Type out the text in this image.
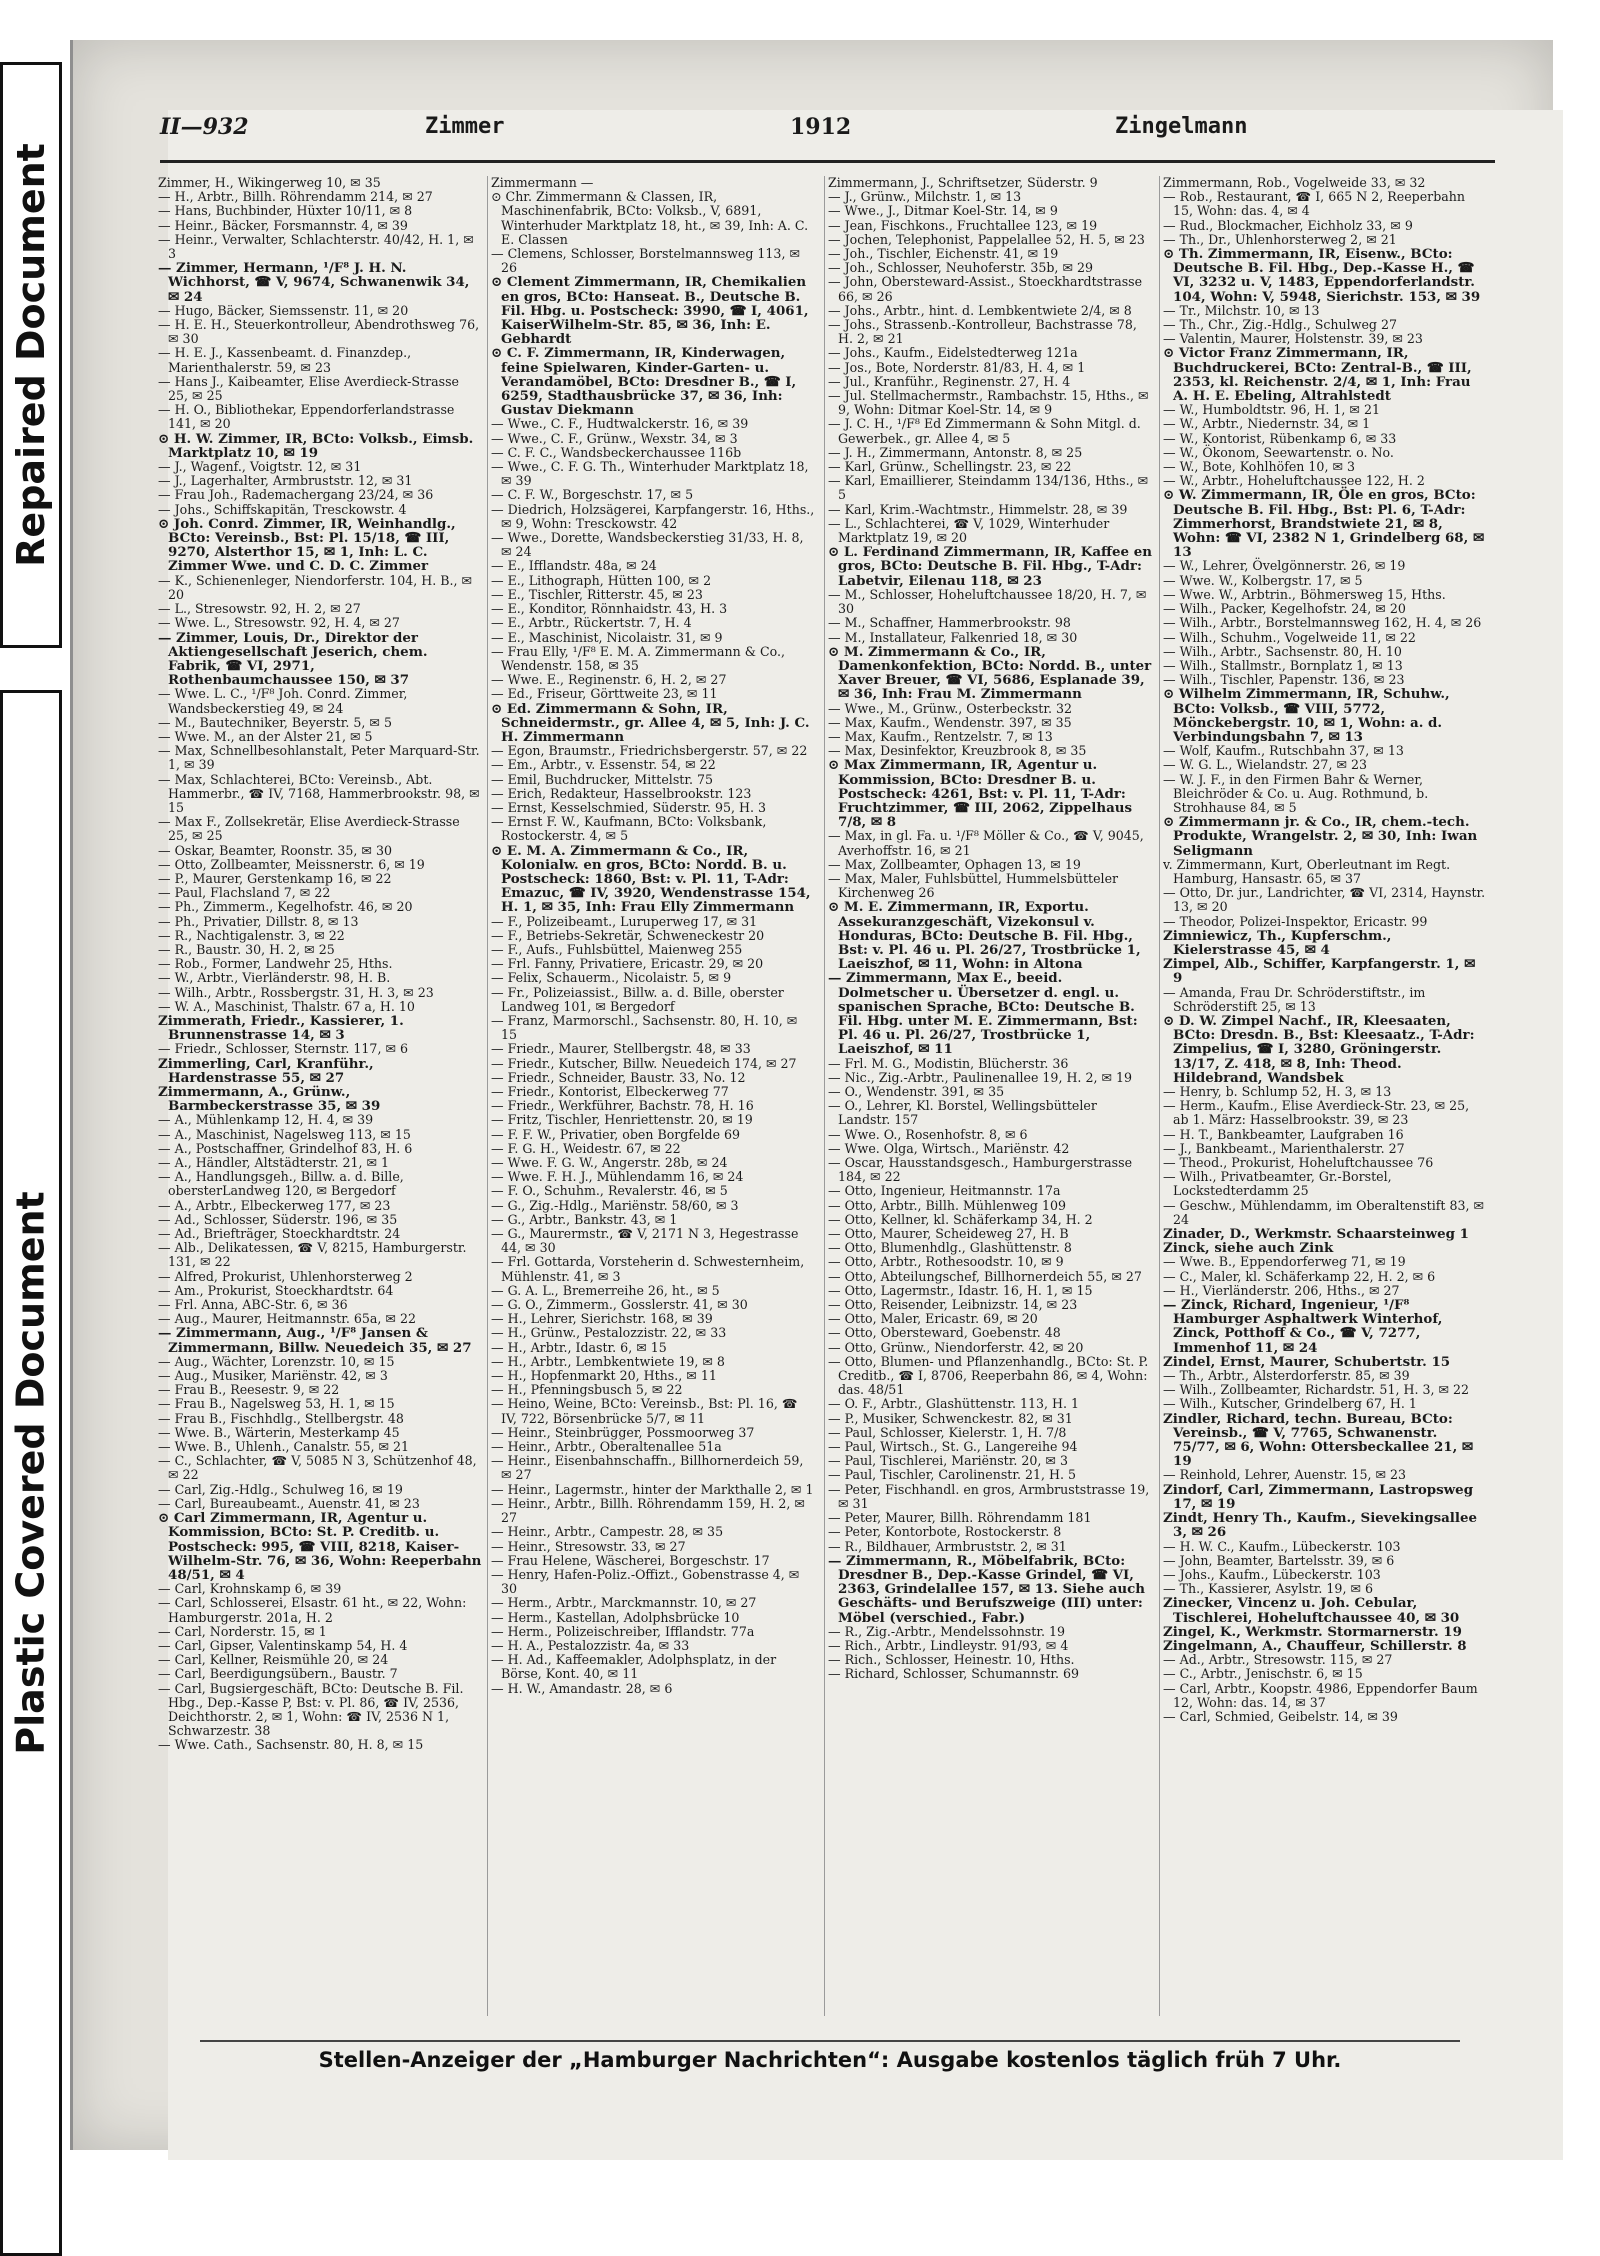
Repaired Document
Plastic Covered Document
II—932	Zimmer	1912	Zingelmann

Zimmer, H., Wikingerweg 10, ✉ 35

— H., Arbtr., Billh. Röhrendamm 214, ✉ 27

— Hans, Buchbinder, Hüxter 10/11, ✉ 8

— Heinr., Bäcker, Forsmannstr. 4, ✉ 39

— Heinr., Verwalter, Schlachterstr. 40/42, H. 1, ✉ 3

— Zimmer, Hermann, ¹/F⁸ J. H. N. Wichhorst, ☎ V, 9674, Schwanenwik 34, ✉ 24

— Hugo, Bäcker, Siemssenstr. 11, ✉ 20

— H. E. H., Steuerkontrolleur, Abendrothsweg 76, ✉ 30

— H. E. J., Kassenbeamt. d. Finanzdep., Marienthalerstr. 59, ✉ 23

— Hans J., Kaibeamter, Elise Averdieck-Strasse 25, ✉ 25

— H. O., Bibliothekar, Eppendorferlandstrasse 141, ✉ 20

⊙ H. W. Zimmer, IR, BCto: Volksb., Eimsb. Marktplatz 10, ✉ 19

— J., Wagenf., Voigtstr. 12, ✉ 31

— J., Lagerhalter, Armbruststr. 12, ✉ 31

— Frau Joh., Rademachergang 23/24, ✉ 36

— Johs., Schiffskapitän, Tresckowstr. 4

⊙ Joh. Conrd. Zimmer, IR, Weinhandlg., BCto: Vereinsb., Bst: Pl. 15/18, ☎ III, 9270, Alsterthor 15, ✉ 1, Inh: L. C. Zimmer Wwe. und C. D. C. Zimmer

— K., Schienenleger, Niendorferstr. 104, H. B., ✉ 20

— L., Stresowstr. 92, H. 2, ✉ 27

— Wwe. L., Stresowstr. 92, H. 4, ✉ 27

— Zimmer, Louis, Dr., Direktor der Aktiengesellschaft Jeserich, chem. Fabrik, ☎ VI, 2971, Rothenbaumchaussee 150, ✉ 37

— Wwe. L. C., ¹/F⁸ Joh. Conrd. Zimmer, Wandsbeckerstieg 49, ✉ 24

— M., Bautechniker, Beyerstr. 5, ✉ 5

— Wwe. M., an der Alster 21, ✉ 5

— Max, Schnellbesohlanstalt, Peter Marquard-Str. 1, ✉ 39

— Max, Schlachterei, BCto: Vereinsb., Abt. Hammerbr., ☎ IV, 7168, Hammerbrookstr. 98, ✉ 15

— Max F., Zollsekretär, Elise Averdieck-Strasse 25, ✉ 25

— Oskar, Beamter, Roonstr. 35, ✉ 30

— Otto, Zollbeamter, Meissnerstr. 6, ✉ 19

— P., Maurer, Gerstenkamp 16, ✉ 22

— Paul, Flachsland 7, ✉ 22

— Ph., Zimmerm., Kegelhofstr. 46, ✉ 20

— Ph., Privatier, Dillstr. 8, ✉ 13

— R., Nachtigalenstr. 3, ✉ 22

— R., Baustr. 30, H. 2, ✉ 25

— Rob., Former, Landwehr 25, Hths.

— W., Arbtr., Vierländerstr. 98, H. B.

— Wilh., Arbtr., Rossbergstr. 31, H. 3, ✉ 23

— W. A., Maschinist, Thalstr. 67 a, H. 10

Zimmerath, Friedr., Kassierer, 1. Brunnenstrasse 14, ✉ 3

— Friedr., Schlosser, Sternstr. 117, ✉ 6

Zimmerling, Carl, Kranführ., Hardenstrasse 55, ✉ 27

Zimmermann, A., Grünw., Barmbeckerstrasse 35, ✉ 39

— A., Mühlenkamp 12, H. 4, ✉ 39

— A., Maschinist, Nagelsweg 113, ✉ 15

— A., Postschaffner, Grindelhof 83, H. 6

— A., Händler, Altstädterstr. 21, ✉ 1

— A., Handlungsgeh., Billw. a. d. Bille, obersterLandweg 120, ✉ Bergedorf

— A., Arbtr., Elbeckerweg 177, ✉ 23

— Ad., Schlosser, Süderstr. 196, ✉ 35

— Ad., Briefträger, Stoeckhardtstr. 24

— Alb., Delikatessen, ☎ V, 8215, Hamburgerstr. 131, ✉ 22

— Alfred, Prokurist, Uhlenhorsterweg 2

— Am., Prokurist, Stoeckhardtstr. 64

— Frl. Anna, ABC-Str. 6, ✉ 36

— Aug., Maurer, Heitmannstr. 65a, ✉ 22

— Zimmermann, Aug., ¹/F⁸ Jansen & Zimmermann, Billw. Neuedeich 35, ✉ 27

— Aug., Wächter, Lorenzstr. 10, ✉ 15

— Aug., Musiker, Mariënstr. 42, ✉ 3

— Frau B., Reesestr. 9, ✉ 22

— Frau B., Nagelsweg 53, H. 1, ✉ 15

— Frau B., Fischhdlg., Stellbergstr. 48

— Wwe. B., Wärterin, Mesterkamp 45

— Wwe. B., Uhlenh., Canalstr. 55, ✉ 21

— C., Schlachter, ☎ V, 5085 N 3, Schützenhof 48, ✉ 22

— Carl, Zig.-Hdlg., Schulweg 16, ✉ 19

— Carl, Bureaubeamt., Auenstr. 41, ✉ 23

⊙ Carl Zimmermann, IR, Agentur u. Kommission, BCto: St. P. Creditb. u. Postscheck: 995, ☎ VIII, 8218, Kaiser-Wilhelm-Str. 76, ✉ 36, Wohn: Reeperbahn 48/51, ✉ 4

— Carl, Krohnskamp 6, ✉ 39

— Carl, Schlosserei, Elsastr. 61 ht., ✉ 22, Wohn: Hamburgerstr. 201a, H. 2

— Carl, Norderstr. 15, ✉ 1

— Carl, Gipser, Valentinskamp 54, H. 4

— Carl, Kellner, Reismühle 20, ✉ 24

— Carl, Beerdigungsübern., Baustr. 7

— Carl, Bugsiergeschäft, BCto: Deutsche B. Fil. Hbg., Dep.-Kasse P, Bst: v. Pl. 86, ☎ IV, 2536, Deichthorstr. 2, ✉ 1, Wohn: ☎ IV, 2536 N 1, Schwarzestr. 38

— Wwe. Cath., Sachsenstr. 80, H. 8, ✉ 15

Zimmermann —

⊙ Chr. Zimmermann & Classen, IR, Maschinenfabrik, BCto: Volksb., V, 6891, Winterhuder Marktplatz 18, ht., ✉ 39, Inh: A. C. E. Classen

— Clemens, Schlosser, Borstelmannsweg 113, ✉ 26

⊙ Clement Zimmermann, IR, Chemikalien en gros, BCto: Hanseat. B., Deutsche B. Fil. Hbg. u. Postscheck: 3990, ☎ I, 4061, KaiserWilhelm-Str. 85, ✉ 36, Inh: E. Gebhardt

⊙ C. F. Zimmermann, IR, Kinderwagen, feine Spielwaren, Kinder-Garten- u. Verandamöbel, BCto: Dresdner B., ☎ I, 6259, Stadthausbrücke 37, ✉ 36, Inh: Gustav Diekmann

— Wwe., C. F., Hudtwalckerstr. 16, ✉ 39

— Wwe., C. F., Grünw., Wexstr. 34, ✉ 3

— C. F. C., Wandsbeckerchaussee 116b

— Wwe., C. F. G. Th., Winterhuder Marktplatz 18, ✉ 39

— C. F. W., Borgeschstr. 17, ✉ 5

— Diedrich, Holzsägerei, Karpfangerstr. 16, Hths., ✉ 9, Wohn: Tresckowstr. 42

— Wwe., Dorette, Wandsbeckerstieg 31/33, H. 8, ✉ 24

— E., Ifflandstr. 48a, ✉ 24

— E., Lithograph, Hütten 100, ✉ 2

— E., Tischler, Ritterstr. 45, ✉ 23

— E., Konditor, Rönnhaidstr. 43, H. 3

— E., Arbtr., Rückertstr. 7, H. 4

— E., Maschinist, Nicolaistr. 31, ✉ 9

— Frau Elly, ¹/F⁸ E. M. A. Zimmermann & Co., Wendenstr. 158, ✉ 35

— Wwe. E., Reginenstr. 6, H. 2, ✉ 27

— Ed., Friseur, Görttweite 23, ✉ 11

⊙ Ed. Zimmermann & Sohn, IR, Schneidermstr., gr. Allee 4, ✉ 5, Inh: J. C. H. Zimmermann

— Egon, Braumstr., Friedrichsbergerstr. 57, ✉ 22

— Em., Arbtr., v. Essenstr. 54, ✉ 22

— Emil, Buchdrucker, Mittelstr. 75

— Erich, Redakteur, Hasselbrookstr. 123

— Ernst, Kesselschmied, Süderstr. 95, H. 3

— Ernst F. W., Kaufmann, BCto: Volksbank, Rostockerstr. 4, ✉ 5

⊙ E. M. A. Zimmermann & Co., IR, Kolonialw. en gros, BCto: Nordd. B. u. Postscheck: 1860, Bst: v. Pl. 11, T-Adr: Emazuc, ☎ IV, 3920, Wendenstrasse 154, H. 1, ✉ 35, Inh: Frau Elly Zimmermann

— F., Polizeibeamt., Luruperweg 17, ✉ 31

— F., Betriebs-Sekretär, Schweneckestr 20

— F., Aufs., Fuhlsbüttel, Maienweg 255

— Frl. Fanny, Privatiere, Ericastr. 29, ✉ 20

— Felix, Schauerm., Nicolaistr. 5, ✉ 9

— Fr., Polizeiassist., Billw. a. d. Bille, oberster Landweg 101, ✉ Bergedorf

— Franz, Marmorschl., Sachsenstr. 80, H. 10, ✉ 15

— Friedr., Maurer, Stellbergstr. 48, ✉ 33

— Friedr., Kutscher, Billw. Neuedeich 174, ✉ 27

— Friedr., Schneider, Baustr. 33, No. 12

— Friedr., Kontorist, Elbeckerweg 77

— Friedr., Werkführer, Bachstr. 78, H. 16

— Fritz, Tischler, Henriettenstr. 20, ✉ 19

— F. F. W., Privatier, oben Borgfelde 69

— F. G. H., Weidestr. 67, ✉ 22

— Wwe. F. G. W., Angerstr. 28b, ✉ 24

— Wwe. F. H. J., Mühlendamm 16, ✉ 24

— F. O., Schuhm., Revalerstr. 46, ✉ 5

— G., Zig.-Hdlg., Mariënstr. 58/60, ✉ 3

— G., Arbtr., Bankstr. 43, ✉ 1

— G., Maurermstr., ☎ V, 2171 N 3, Hegestrasse 44, ✉ 30

— Frl. Gottarda, Vorsteherin d. Schwesternheim, Mühlenstr. 41, ✉ 3

— G. A. L., Bremerreihe 26, ht., ✉ 5

— G. O., Zimmerm., Gosslerstr. 41, ✉ 30

— H., Lehrer, Sierichstr. 168, ✉ 39

— H., Grünw., Pestalozzistr. 22, ✉ 33

— H., Arbtr., Idastr. 6, ✉ 15

— H., Arbtr., Lembkentwiete 19, ✉ 8

— H., Hopfenmarkt 20, Hths., ✉ 11

— H., Pfenningsbusch 5, ✉ 22

— Heino, Weine, BCto: Vereinsb., Bst: Pl. 16, ☎ IV, 722, Börsenbrücke 5/7, ✉ 11

— Heinr., Steinbrügger, Possmoorweg 37

— Heinr., Arbtr., Oberaltenallee 51a

— Heinr., Eisenbahnschaffn., Billhornerdeich 59, ✉ 27

— Heinr., Lagermstr., hinter der Markthalle 2, ✉ 1

— Heinr., Arbtr., Billh. Röhrendamm 159, H. 2, ✉ 27

— Heinr., Arbtr., Campestr. 28, ✉ 35

— Heinr., Stresowstr. 33, ✉ 27

— Frau Helene, Wäscherei, Borgeschstr. 17

— Henry, Hafen-Poliz.-Offizt., Gobenstrasse 4, ✉ 30

— Herm., Arbtr., Marckmannstr. 10, ✉ 27

— Herm., Kastellan, Adolphsbrücke 10

— Herm., Polizeischreiber, Ifflandstr. 77a

— H. A., Pestalozzistr. 4a, ✉ 33

— H. Ad., Kaffeemakler, Adolphsplatz, in der Börse, Kont. 40, ✉ 11

— H. W., Amandastr. 28, ✉ 6

Zimmermann, J., Schriftsetzer, Süderstr. 9

— J., Grünw., Milchstr. 1, ✉ 13

— Wwe., J., Ditmar Koel-Str. 14, ✉ 9

— Jean, Fischkons., Fruchtallee 123, ✉ 19

— Jochen, Telephonist, Pappelallee 52, H. 5, ✉ 23

— Joh., Tischler, Eichenstr. 41, ✉ 19

— Joh., Schlosser, Neuhoferstr. 35b, ✉ 29

— John, Obersteward-Assist., Stoeckhardtstrasse 66, ✉ 26

— Johs., Arbtr., hint. d. Lembkentwiete 2/4, ✉ 8

— Johs., Strassenb.-Kontrolleur, Bachstrasse 78, H. 2, ✉ 21

— Johs., Kaufm., Eidelstedterweg 121a

— Jos., Bote, Norderstr. 81/83, H. 4, ✉ 1

— Jul., Kranführ., Reginenstr. 27, H. 4

— Jul. Stellmachermstr., Rambachstr. 15, Hths., ✉ 9, Wohn: Ditmar Koel-Str. 14, ✉ 9

— J. C. H., ¹/F⁸ Ed Zimmermann & Sohn Mitgl. d. Gewerbek., gr. Allee 4, ✉ 5

— J. H., Zimmermann, Antonstr. 8, ✉ 25

— Karl, Grünw., Schellingstr. 23, ✉ 22

— Karl, Emaillierer, Steindamm 134/136, Hths., ✉ 5

— Karl, Krim.-Wachtmstr., Himmelstr. 28, ✉ 39

— L., Schlachterei, ☎ V, 1029, Winterhuder Marktplatz 19, ✉ 20

⊙ L. Ferdinand Zimmermann, IR, Kaffee en gros, BCto: Deutsche B. Fil. Hbg., T-Adr: Labetvir, Eilenau 118, ✉ 23

— M., Schlosser, Hoheluftchaussee 18/20, H. 7, ✉ 30

— M., Schaffner, Hammerbrookstr. 98

— M., Installateur, Falkenried 18, ✉ 30

⊙ M. Zimmermann & Co., IR, Damenkonfektion, BCto: Nordd. B., unter Xaver Breuer, ☎ VI, 5686, Esplanade 39, ✉ 36, Inh: Frau M. Zimmermann

— Wwe., M., Grünw., Osterbeckstr. 32

— Max, Kaufm., Wendenstr. 397, ✉ 35

— Max, Kaufm., Rentzelstr. 7, ✉ 13

— Max, Desinfektor, Kreuzbrook 8, ✉ 35

⊙ Max Zimmermann, IR, Agentur u. Kommission, BCto: Dresdner B. u. Postscheck: 4261, Bst: v. Pl. 11, T-Adr: Fruchtzimmer, ☎ III, 2062, Zippelhaus 7/8, ✉ 8

— Max, in gl. Fa. u. ¹/F⁸ Möller & Co., ☎ V, 9045, Averhoffstr. 16, ✉ 21

— Max, Zollbeamter, Ophagen 13, ✉ 19

— Max, Maler, Fuhlsbüttel, Hummelsbütteler Kirchenweg 26

⊙ M. E. Zimmermann, IR, Exportu. Assekuranzgeschäft, Vizekonsul v. Honduras, BCto: Deutsche B. Fil. Hbg., Bst: v. Pl. 46 u. Pl. 26/27, Trostbrücke 1, Laeiszhof, ✉ 11, Wohn: in Altona

— Zimmermann, Max E., beeid. Dolmetscher u. Übersetzer d. engl. u. spanischen Sprache, BCto: Deutsche B. Fil. Hbg. unter M. E. Zimmermann, Bst: Pl. 46 u. Pl. 26/27, Trostbrücke 1, Laeiszhof, ✉ 11

— Frl. M. G., Modistin, Blücherstr. 36

— Nic., Zig.-Arbtr., Paulinenallee 19, H. 2, ✉ 19

— O., Wendenstr. 391, ✉ 35

— O., Lehrer, Kl. Borstel, Wellingsbütteler Landstr. 157

— Wwe. O., Rosenhofstr. 8, ✉ 6

— Wwe. Olga, Wirtsch., Mariënstr. 42

— Oscar, Hausstandsgesch., Hamburgerstrasse 184, ✉ 22

— Otto, Ingenieur, Heitmannstr. 17a

— Otto, Arbtr., Billh. Mühlenweg 109

— Otto, Kellner, kl. Schäferkamp 34, H. 2

— Otto, Maurer, Scheideweg 27, H. B

— Otto, Blumenhdlg., Glashüttenstr. 8

— Otto, Arbtr., Rothesoodstr. 10, ✉ 9

— Otto, Abteilungschef, Billhornerdeich 55, ✉ 27

— Otto, Lagermstr., Idastr. 16, H. 1, ✉ 15

— Otto, Reisender, Leibnizstr. 14, ✉ 23

— Otto, Maler, Ericastr. 69, ✉ 20

— Otto, Obersteward, Goebenstr. 48

— Otto, Grünw., Niendorferstr. 42, ✉ 20

— Otto, Blumen- und Pflanzenhandlg., BCto: St. P. Creditb., ☎ I, 8706, Reeperbahn 86, ✉ 4, Wohn: das. 48/51

— O. F., Arbtr., Glashüttenstr. 113, H. 1

— P., Musiker, Schwenckestr. 82, ✉ 31

— Paul, Schlosser, Kielerstr. 1, H. 7/8

— Paul, Wirtsch., St. G., Langereihe 94

— Paul, Tischlerei, Mariënstr. 20, ✉ 3

— Paul, Tischler, Carolinenstr. 21, H. 5

— Peter, Fischhandl. en gros, Armbruststrasse 19, ✉ 31

— Peter, Maurer, Billh. Röhrendamm 181

— Peter, Kontorbote, Rostockerstr. 8

— R., Bildhauer, Armbruststr. 2, ✉ 31

— Zimmermann, R., Möbelfabrik, BCto: Dresdner B., Dep.-Kasse Grindel, ☎ VI, 2363, Grindelallee 157, ✉ 13. Siehe auch Geschäfts- und Berufszweige (III) unter: Möbel (verschied., Fabr.)

— R., Zig.-Arbtr., Mendelssohnstr. 19

— Rich., Arbtr., Lindleystr. 91/93, ✉ 4

— Rich., Schlosser, Heinestr. 10, Hths.

— Richard, Schlosser, Schumannstr. 69

Zimmermann, Rob., Vogelweide 33, ✉ 32

— Rob., Restaurant, ☎ I, 665 N 2, Reeperbahn 15, Wohn: das. 4, ✉ 4

— Rud., Blockmacher, Eichholz 33, ✉ 9

— Th., Dr., Uhlenhorsterweg 2, ✉ 21

⊙ Th. Zimmermann, IR, Eisenw., BCto: Deutsche B. Fil. Hbg., Dep.-Kasse H., ☎ VI, 3232 u. V, 1483, Eppendorferlandstr. 104, Wohn: V, 5948, Sierichstr. 153, ✉ 39

— Tr., Milchstr. 10, ✉ 13

— Th., Chr., Zig.-Hdlg., Schulweg 27

— Valentin, Maurer, Holstenstr. 39, ✉ 23

⊙ Victor Franz Zimmermann, IR, Buchdruckerei, BCto: Zentral-B., ☎ III, 2353, kl. Reichenstr. 2/4, ✉ 1, Inh: Frau A. H. E. Ebeling, Altrahlstedt

— W., Humboldtstr. 96, H. 1, ✉ 21

— W., Arbtr., Niedernstr. 34, ✉ 1

— W., Kontorist, Rübenkamp 6, ✉ 33

— W., Ökonom, Seewartenstr. o. No.

— W., Bote, Kohlhöfen 10, ✉ 3

— W., Arbtr., Hoheluftchaussee 122, H. 2

⊙ W. Zimmermann, IR, Öle en gros, BCto: Deutsche B. Fil. Hbg., Bst: Pl. 6, T-Adr: Zimmerhorst, Brandstwiete 21, ✉ 8, Wohn: ☎ VI, 2382 N 1, Grindelberg 68, ✉ 13

— W., Lehrer, Övelgönnerstr. 26, ✉ 19

— Wwe. W., Kolbergstr. 17, ✉ 5

— Wwe. W., Arbtrin., Böhmersweg 15, Hths.

— Wilh., Packer, Kegelhofstr. 24, ✉ 20

— Wilh., Arbtr., Borstelmannsweg 162, H. 4, ✉ 26

— Wilh., Schuhm., Vogelweide 11, ✉ 22

— Wilh., Arbtr., Sachsenstr. 80, H. 10

— Wilh., Stallmstr., Bornplatz 1, ✉ 13

— Wilh., Tischler, Papenstr. 136, ✉ 23

⊙ Wilhelm Zimmermann, IR, Schuhw., BCto: Volksb., ☎ VIII, 5772, Mönckebergstr. 10, ✉ 1, Wohn: a. d. Verbindungsbahn 7, ✉ 13

— Wolf, Kaufm., Rutschbahn 37, ✉ 13

— W. G. L., Wielandstr. 27, ✉ 23

— W. J. F., in den Firmen Bahr & Werner, Bleichröder & Co. u. Aug. Rothmund, b. Strohhause 84, ✉ 5

⊙ Zimmermann jr. & Co., IR, chem.-tech. Produkte, Wrangelstr. 2, ✉ 30, Inh: Iwan Seligmann

v. Zimmermann, Kurt, Oberleutnant im Regt. Hamburg, Hansastr. 65, ✉ 37

— Otto, Dr. jur., Landrichter, ☎ VI, 2314, Haynstr. 13, ✉ 20

— Theodor, Polizei-Inspektor, Ericastr. 99

Zimniewicz, Th., Kupferschm., Kielerstrasse 45, ✉ 4

Zimpel, Alb., Schiffer, Karpfangerstr. 1, ✉ 9

— Amanda, Frau Dr. Schröderstiftstr., im Schröderstift 25, ✉ 13

⊙ D. W. Zimpel Nachf., IR, Kleesaaten, BCto: Dresdn. B., Bst: Kleesaatz., T-Adr: Zimpelius, ☎ I, 3280, Gröningerstr. 13/17, Z. 418, ✉ 8, Inh: Theod. Hildebrand, Wandsbek

— Henry, b. Schlump 52, H. 3, ✉ 13

— Herm., Kaufm., Elise Averdieck-Str. 23, ✉ 25, ab 1. März: Hasselbrookstr. 39, ✉ 23

— H. T., Bankbeamter, Laufgraben 16

— J., Bankbeamt., Marienthalerstr. 27

— Theod., Prokurist, Hoheluftchaussee 76

— Wilh., Privatbeamter, Gr.-Borstel, Lockstedterdamm 25

— Geschw., Mühlendamm, im Oberaltenstift 83, ✉ 24

Zinader, D., Werkmstr. Schaarsteinweg 1

Zinck, siehe auch Zink

— Wwe. B., Eppendorferweg 71, ✉ 19

— C., Maler, kl. Schäferkamp 22, H. 2, ✉ 6

— H., Vierländerstr. 206, Hths., ✉ 27

— Zinck, Richard, Ingenieur, ¹/F⁸ Hamburger Asphaltwerk Winterhof, Zinck, Potthoff & Co., ☎ V, 7277, Immenhof 11, ✉ 24

Zindel, Ernst, Maurer, Schubertstr. 15

— Th., Arbtr., Alsterdorferstr. 85, ✉ 39

— Wilh., Zollbeamter, Richardstr. 51, H. 3, ✉ 22

— Wilh., Kutscher, Grindelberg 67, H. 1

Zindler, Richard, techn. Bureau, BCto: Vereinsb., ☎ V, 7765, Schwanenstr. 75/77, ✉ 6, Wohn: Ottersbeckallee 21, ✉ 19

— Reinhold, Lehrer, Auenstr. 15, ✉ 23

Zindorf, Carl, Zimmermann, Lastropsweg 17, ✉ 19

Zindt, Henry Th., Kaufm., Sievekingsallee 3, ✉ 26

— H. W. C., Kaufm., Lübeckerstr. 103

— John, Beamter, Bartelsstr. 39, ✉ 6

— Johs., Kaufm., Lübeckerstr. 103

— Th., Kassierer, Asylstr. 19, ✉ 6

Zinecker, Vincenz u. Joh. Cebular, Tischlerei, Hoheluftchaussee 40, ✉ 30

Zingel, K., Werkmstr. Stormarnerstr. 19

Zingelmann, A., Chauffeur, Schillerstr. 8

— Ad., Arbtr., Stresowstr. 115, ✉ 27

— C., Arbtr., Jenischstr. 6, ✉ 15

— Carl, Arbtr., Koopstr. 4986, Eppendorfer Baum 12, Wohn: das. 14, ✉ 37

— Carl, Schmied, Geibelstr. 14, ✉ 39

Stellen-Anzeiger der „Hamburger Nachrichten“: Ausgabe kostenlos täglich früh 7 Uhr.
